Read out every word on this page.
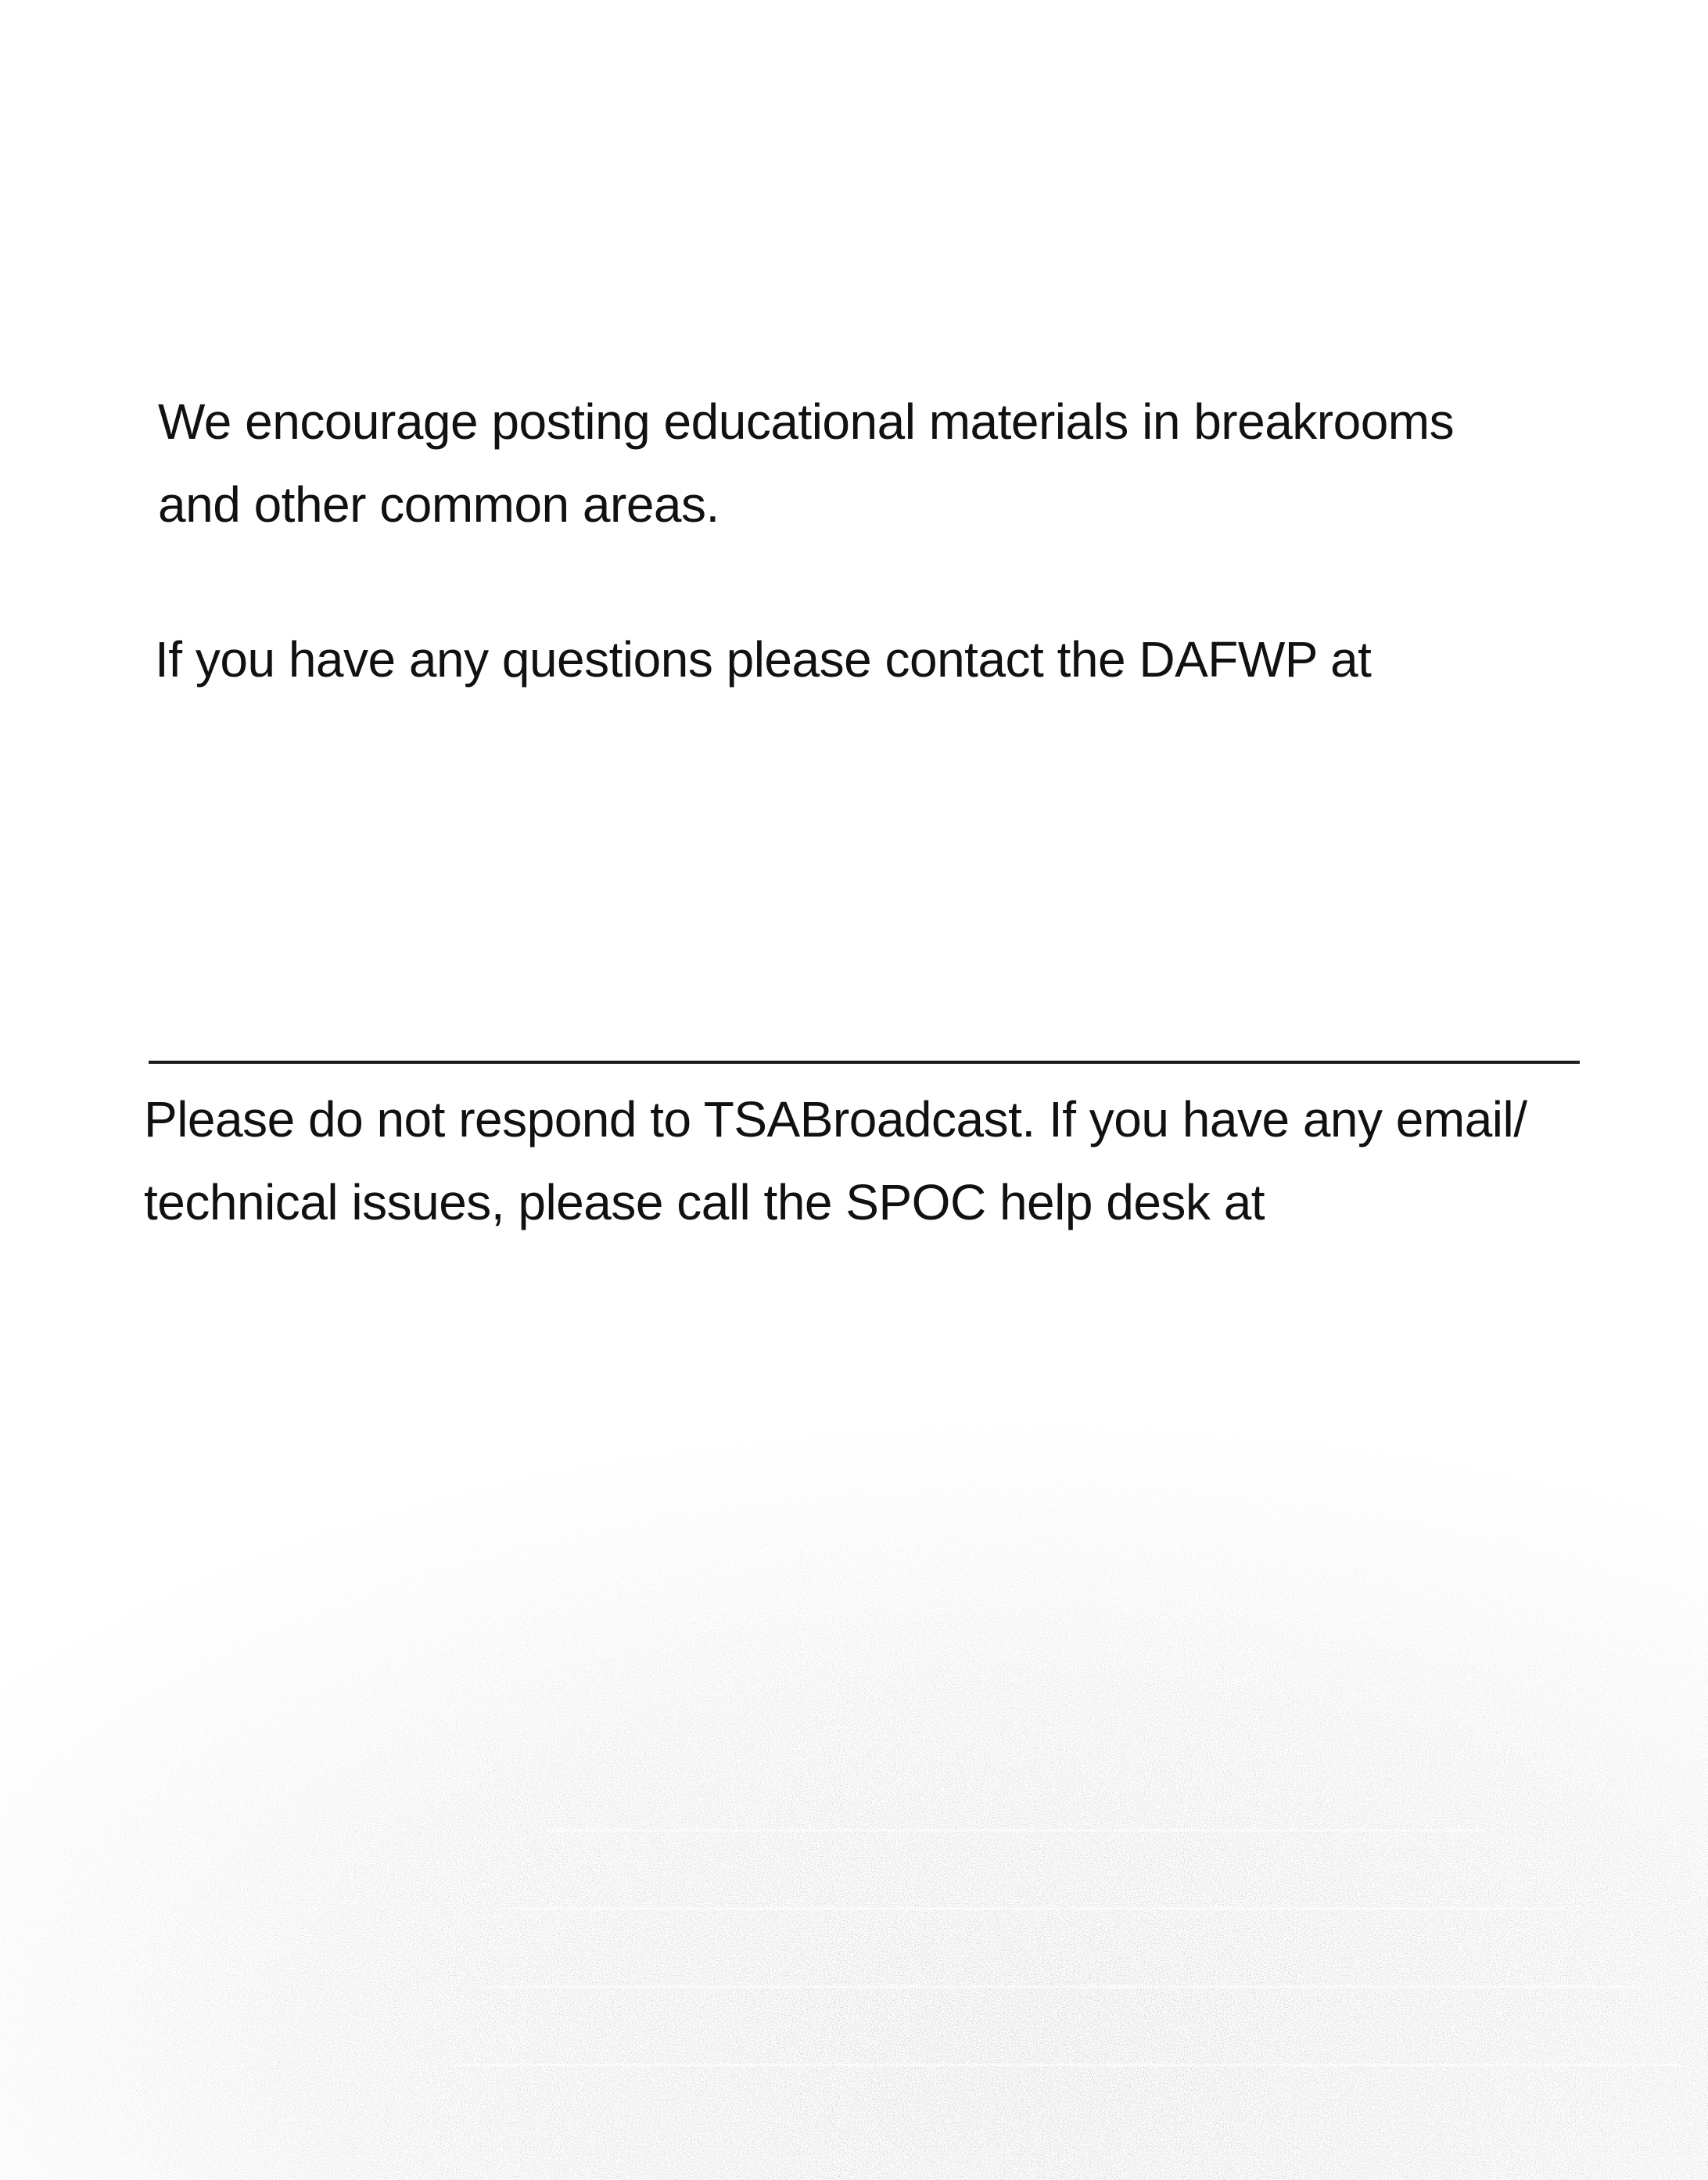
We encourage posting educational materials in breakrooms
and other common areas.

If you have any questions please contact the DAFWP at

Please do not respond to TSABroadcast. If you have any email/
technical issues, please call the SPOC help desk at
